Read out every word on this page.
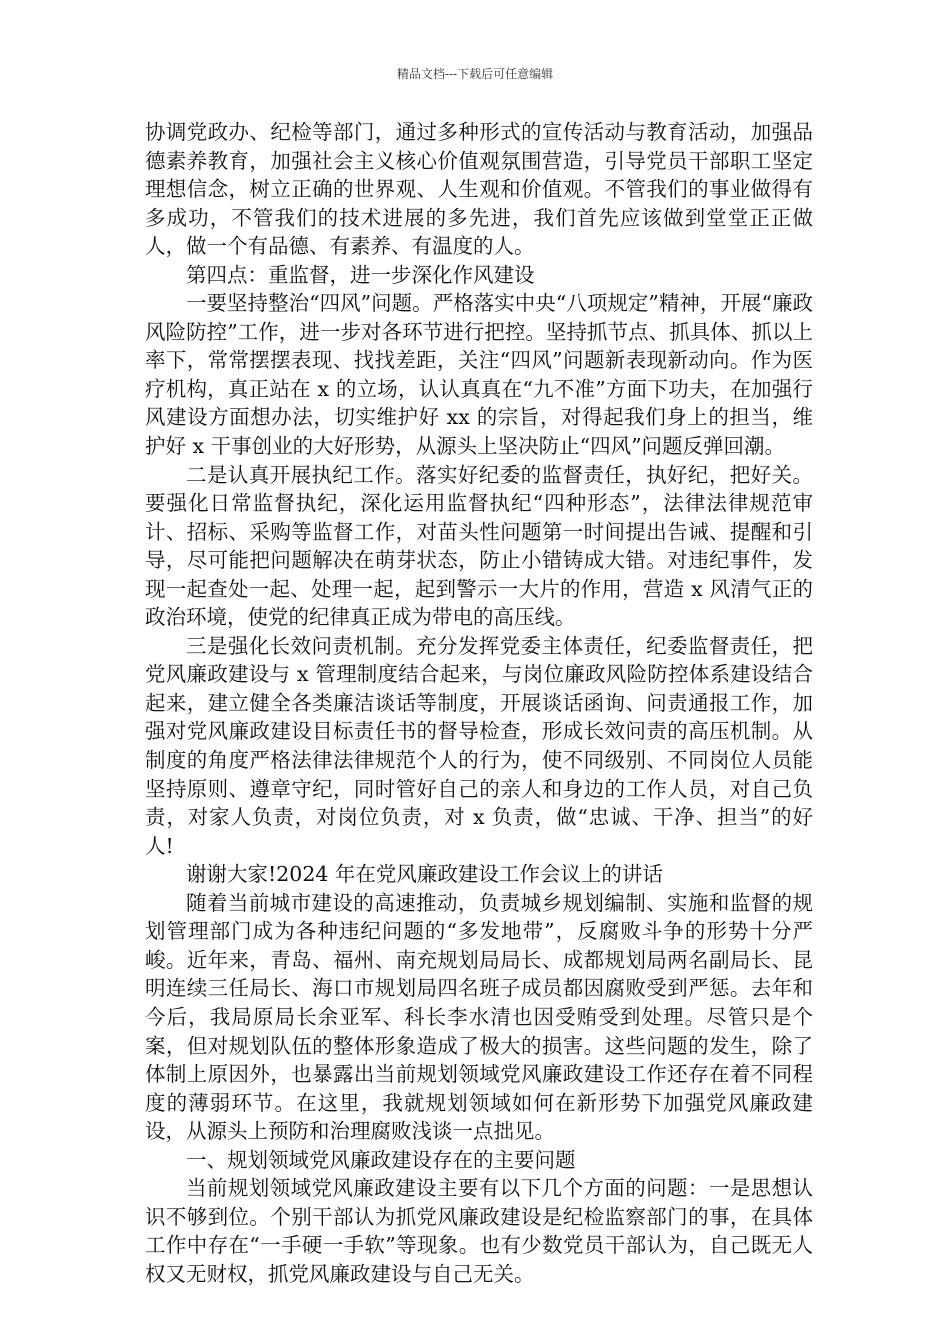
精品文档---下载后可任意编辑

协调党政办、纪检等部门，通过多种形式的宣传活动与教育活动，加强品德素养教育，加强社会主义核心价值观氛围营造，引导党员干部职工坚定理想信念，树立正确的世界观、人生观和价值观。不管我们的事业做得有多成功，不管我们的技术进展的多先进，我们首先应该做到堂堂正正做人，做一个有品德、有素养、有温度的人。

第四点：重监督，进一步深化作风建设

一要坚持整治“四风”问题。严格落实中央“八项规定”精神，开展“廉政风险防控”工作，进一步对各环节进行把控。坚持抓节点、抓具体、抓以上率下，常常摆摆表现、找找差距，关注“四风”问题新表现新动向。作为医疗机构，真正站在 x 的立场，认认真真在“九不准”方面下功夫，在加强行风建设方面想办法，切实维护好 xx 的宗旨，对得起我们身上的担当，维护好 x 干事创业的大好形势，从源头上坚决防止“四风”问题反弹回潮。

二是认真开展执纪工作。落实好纪委的监督责任，执好纪，把好关。要强化日常监督执纪，深化运用监督执纪“四种形态”，法律法律规范审计、招标、采购等监督工作，对苗头性问题第一时间提出告诫、提醒和引导，尽可能把问题解决在萌芽状态，防止小错铸成大错。对违纪事件，发现一起查处一起、处理一起，起到警示一大片的作用，营造 x 风清气正的政治环境，使党的纪律真正成为带电的高压线。

三是强化长效问责机制。充分发挥党委主体责任，纪委监督责任，把党风廉政建设与 x 管理制度结合起来，与岗位廉政风险防控体系建设结合起来，建立健全各类廉洁谈话等制度，开展谈话函询、问责通报工作，加强对党风廉政建设目标责任书的督导检查，形成长效问责的高压机制。从制度的角度严格法律法律规范个人的行为，使不同级别、不同岗位人员能坚持原则、遵章守纪，同时管好自己的亲人和身边的工作人员，对自己负责，对家人负责，对岗位负责，对 x 负责，做“忠诚、干净、担当”的好人!

谢谢大家!2024 年在党风廉政建设工作会议上的讲话

随着当前城市建设的高速推动，负责城乡规划编制、实施和监督的规划管理部门成为各种违纪问题的“多发地带”，反腐败斗争的形势十分严峻。近年来，青岛、福州、南充规划局局长、成都规划局两名副局长、昆明连续三任局长、海口市规划局四名班子成员都因腐败受到严惩。去年和今后，我局原局长余亚军、科长李水清也因受贿受到处理。尽管只是个案，但对规划队伍的整体形象造成了极大的损害。这些问题的发生，除了体制上原因外，也暴露出当前规划领域党风廉政建设工作还存在着不同程度的薄弱环节。在这里，我就规划领域如何在新形势下加强党风廉政建设，从源头上预防和治理腐败浅谈一点拙见。

一、规划领域党风廉政建设存在的主要问题

当前规划领域党风廉政建设主要有以下几个方面的问题：一是思想认识不够到位。个别干部认为抓党风廉政建设是纪检监察部门的事，在具体工作中存在“一手硬一手软”等现象。也有少数党员干部认为，自己既无人权又无财权，抓党风廉政建设与自己无关。
